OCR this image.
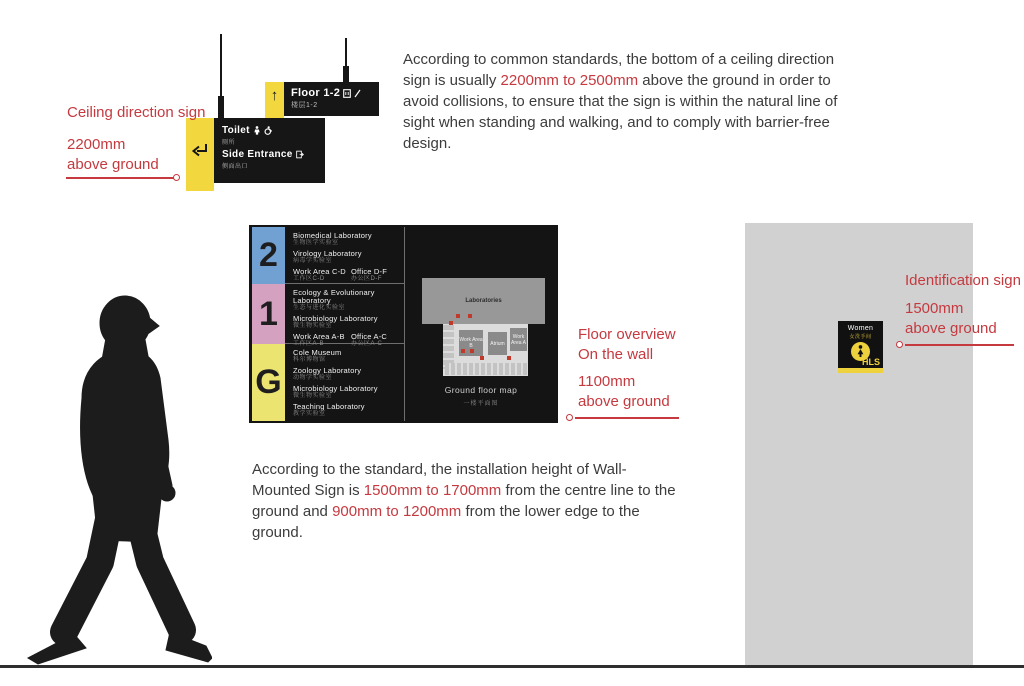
↑	Floor 1-2
楼层1-2
Toilet
厕所
Side Entrance
侧面出口
Ceiling direction sign
2200mm
above ground

According to common standards, the bottom of a ceiling direction sign is usually 2200mm to 2500mm above the ground in order to avoid collisions, to ensure that the sign is within the natural line of sight when standing and walking, and to comply with barrier-free design.

2
1
G
Biomedical Laboratory
生物医学实验室
Virology Laboratory
病毒学实验室
Work Area C-D
工作区C-D
Office D-F
办公区D-F
Ecology & Evolutionary Laboratory
生态与进化实验室
Microbiology Laboratory
微生物实验室
Work Area A-B
工作区A-B
Office A-C
办公区A-C
Cole Museum
科尔博物馆
Zoology Laboratory
动物学实验室
Microbiology Laboratory
微生物实验室
Teaching Laboratory
教学实验室
Laboratories
Work Area B	Atrium
Work Area A
Ground floor map
一楼平面图
Floor overview
On the wall
1100mm
above ground

According to the standard, the installation height of Wall-Mounted Sign is 1500mm to 1700mm from the centre line to the ground and 900mm to 1200mm from the lower edge to the ground.

Women
女洗手间
HLS
Identification sign
1500mm
above ground
